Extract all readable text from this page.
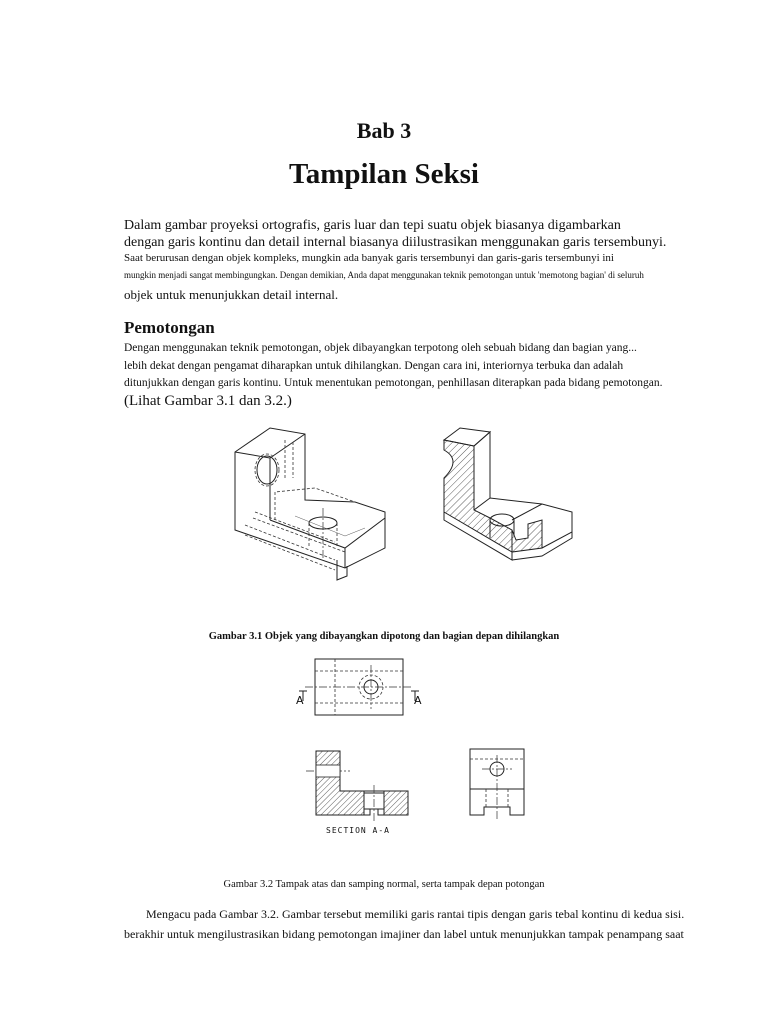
Bab 3
Tampilan Seksi
Dalam gambar proyeksi ortografis, garis luar dan tepi suatu objek biasanya digambarkan
dengan garis kontinu dan detail internal biasanya diilustrasikan menggunakan garis tersembunyi.
Saat berurusan dengan objek kompleks, mungkin ada banyak garis tersembunyi dan garis-garis tersembunyi ini
mungkin menjadi sangat membingungkan. Dengan demikian, Anda dapat menggunakan teknik pemotongan untuk 'memotong bagian' di seluruh
objek untuk menunjukkan detail internal.
Pemotongan
Dengan menggunakan teknik pemotongan, objek dibayangkan terpotong oleh sebuah bidang dan bagian yang...
lebih dekat dengan pengamat diharapkan untuk dihilangkan. Dengan cara ini, interiornya terbuka dan adalah
ditunjukkan dengan garis kontinu. Untuk menentukan pemotongan, penhillasan diterapkan pada bidang pemotongan.
(Lihat Gambar 3.1 dan 3.2.)
Gambar 3.1 Objek yang dibayangkan dipotong dan bagian depan dihilangkan
A	A
SECTION A-A
Gambar 3.2 Tampak atas dan samping normal, serta tampak depan potongan
Mengacu pada Gambar 3.2. Gambar tersebut memiliki garis rantai tipis dengan garis tebal kontinu di kedua sisi.
berakhir untuk mengilustrasikan bidang pemotongan imajiner dan label untuk menunjukkan tampak penampang saat
